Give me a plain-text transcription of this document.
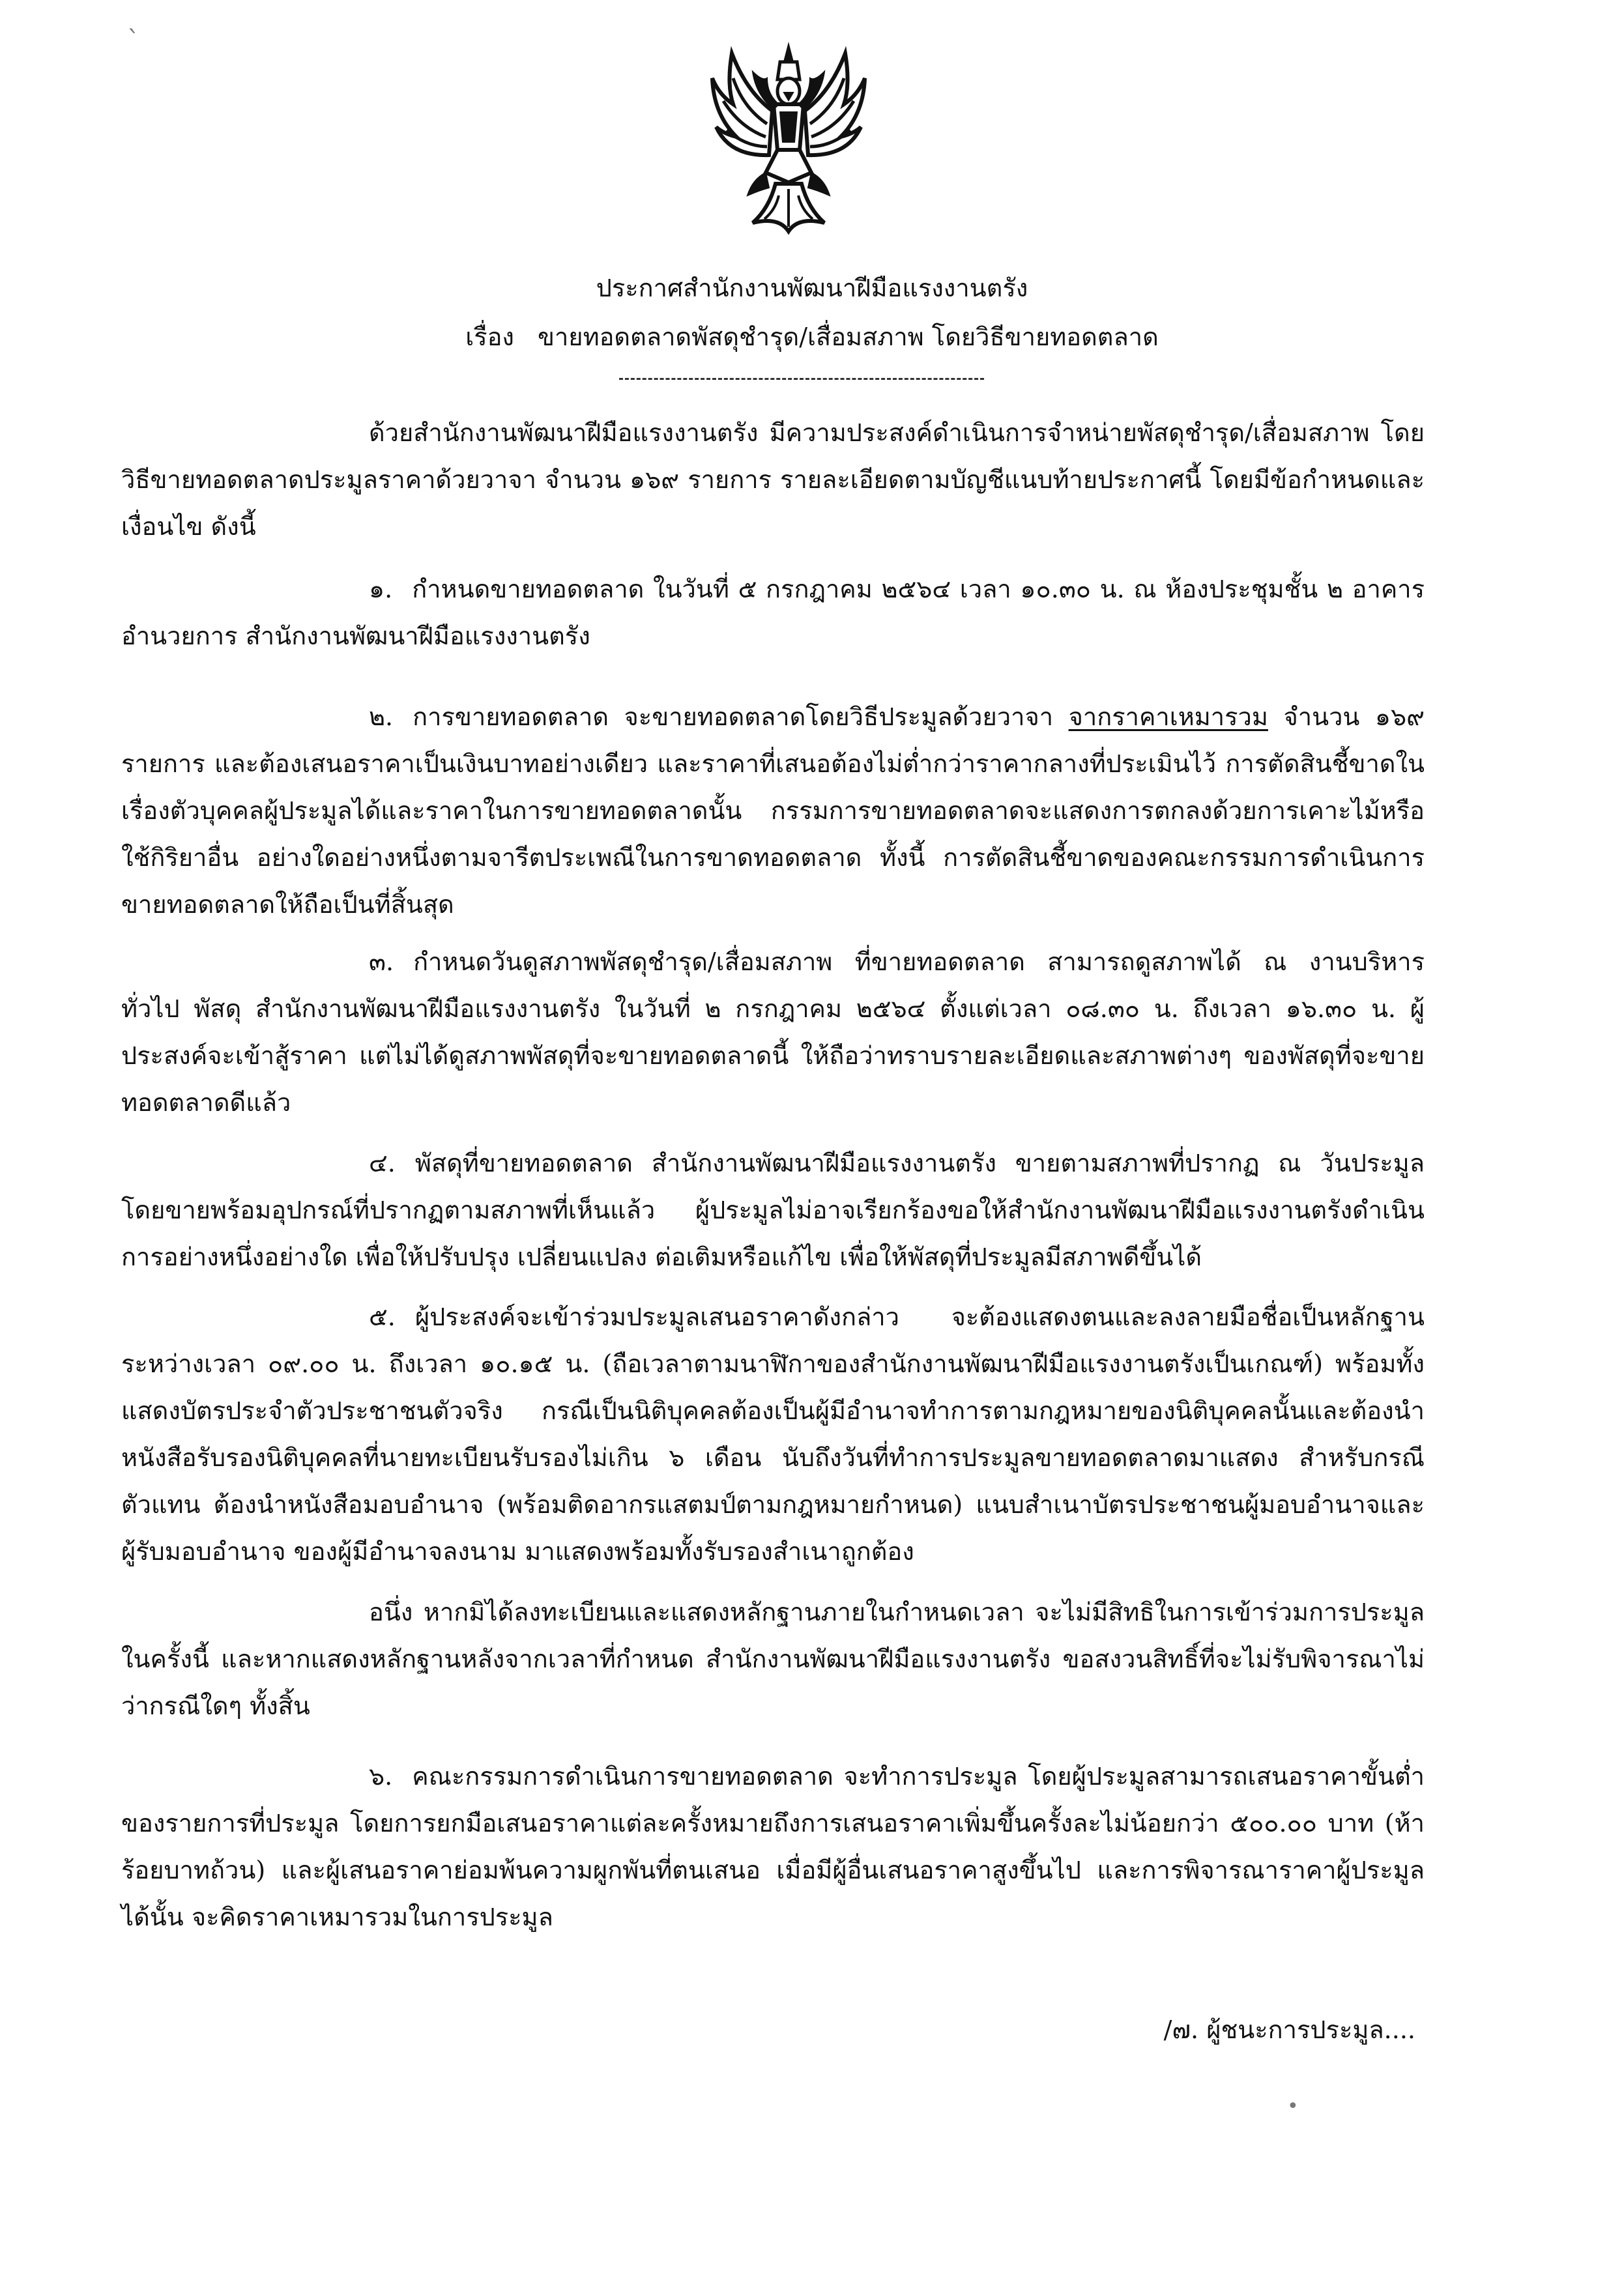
`
•
ประกาศสำนักงานพัฒนาฝีมือแรงงานตรัง
เรื่อง ขายทอดตลาดพัสดุชำรุด/เสื่อมสภาพ โดยวิธีขายทอดตลาด

ด้วยสำนักงานพัฒนาฝีมือแรงงานตรัง มีความประสงค์ดำเนินการจำหน่ายพัสดุชำรุด/เสื่อมสภาพ โดยวิธีขายทอดตลาดประมูลราคาด้วยวาจา จำนวน ๑๖๙ รายการ รายละเอียดตามบัญชีแนบท้ายประกาศนี้ โดยมีข้อกำหนดและเงื่อนไข ดังนี้

๑. กำหนดขายทอดตลาด ในวันที่ ๕ กรกฎาคม ๒๕๖๔ เวลา ๑๐.๓๐ น. ณ ห้องประชุมชั้น ๒ อาคารอำนวยการ สำนักงานพัฒนาฝีมือแรงงานตรัง

๒. การขายทอดตลาด จะขายทอดตลาดโดยวิธีประมูลด้วยวาจา จากราคาเหมารวม จำนวน ๑๖๙ รายการ และต้องเสนอราคาเป็นเงินบาทอย่างเดียว และราคาที่เสนอต้องไม่ต่ำกว่าราคากลางที่ประเมินไว้ การตัดสินชี้ขาดในเรื่องตัวบุคคลผู้ประมูลได้และราคาในการขายทอดตลาดนั้น กรรมการขายทอดตลาดจะแสดงการตกลงด้วยการเคาะไม้หรือใช้กิริยาอื่น อย่างใดอย่างหนึ่งตามจารีตประเพณีในการขาดทอดตลาด ทั้งนี้ การตัดสินชี้ขาดของคณะกรรมการดำเนินการขายทอดตลาดให้ถือเป็นที่สิ้นสุด

๓. กำหนดวันดูสภาพพัสดุชำรุด/เสื่อมสภาพ ที่ขายทอดตลาด สามารถดูสภาพได้ ณ งานบริหารทั่วไป พัสดุ สำนักงานพัฒนาฝีมือแรงงานตรัง ในวันที่ ๒ กรกฎาคม ๒๕๖๔ ตั้งแต่เวลา ๐๘.๓๐ น. ถึงเวลา ๑๖.๓๐ น. ผู้ประสงค์จะเข้าสู้ราคา แต่ไม่ได้ดูสภาพพัสดุที่จะขายทอดตลาดนี้ ให้ถือว่าทราบรายละเอียดและสภาพต่างๆ ของพัสดุที่จะขายทอดตลาดดีแล้ว

๔. พัสดุที่ขายทอดตลาด สำนักงานพัฒนาฝีมือแรงงานตรัง ขายตามสภาพที่ปรากฏ ณ วันประมูล โดยขายพร้อมอุปกรณ์ที่ปรากฏตามสภาพที่เห็นแล้ว ผู้ประมูลไม่อาจเรียกร้องขอให้สำนักงานพัฒนาฝีมือแรงงานตรังดำเนินการอย่างหนึ่งอย่างใด เพื่อให้ปรับปรุง เปลี่ยนแปลง ต่อเติมหรือแก้ไข เพื่อให้พัสดุที่ประมูลมีสภาพดีขึ้นได้

๕. ผู้ประสงค์จะเข้าร่วมประมูลเสนอราคาดังกล่าว จะต้องแสดงตนและลงลายมือชื่อเป็นหลักฐานระหว่างเวลา ๐๙.๐๐ น. ถึงเวลา ๑๐.๑๕ น. (ถือเวลาตามนาฬิกาของสำนักงานพัฒนาฝีมือแรงงานตรังเป็นเกณฑ์) พร้อมทั้งแสดงบัตรประจำตัวประชาชนตัวจริง กรณีเป็นนิติบุคคลต้องเป็นผู้มีอำนาจทำการตามกฎหมายของนิติบุคคลนั้นและต้องนำหนังสือรับรองนิติบุคคลที่นายทะเบียนรับรองไม่เกิน ๖ เดือน นับถึงวันที่ทำการประมูลขายทอดตลาดมาแสดง สำหรับกรณีตัวแทน ต้องนำหนังสือมอบอำนาจ (พร้อมติดอากรแสตมป์ตามกฎหมายกำหนด) แนบสำเนาบัตรประชาชนผู้มอบอำนาจและผู้รับมอบอำนาจ ของผู้มีอำนาจลงนาม มาแสดงพร้อมทั้งรับรองสำเนาถูกต้อง

อนึ่ง หากมิได้ลงทะเบียนและแสดงหลักฐานภายในกำหนดเวลา จะไม่มีสิทธิในการเข้าร่วมการประมูลในครั้งนี้ และหากแสดงหลักฐานหลังจากเวลาที่กำหนด สำนักงานพัฒนาฝีมือแรงงานตรัง ขอสงวนสิทธิ์ที่จะไม่รับพิจารณาไม่ว่ากรณีใดๆ ทั้งสิ้น

๖. คณะกรรมการดำเนินการขายทอดตลาด จะทำการประมูล โดยผู้ประมูลสามารถเสนอราคาขั้นต่ำของรายการที่ประมูล โดยการยกมือเสนอราคาแต่ละครั้งหมายถึงการเสนอราคาเพิ่มขึ้นครั้งละไม่น้อยกว่า ๕๐๐.๐๐ บาท (ห้าร้อยบาทถ้วน) และผู้เสนอราคาย่อมพ้นความผูกพันที่ตนเสนอ เมื่อมีผู้อื่นเสนอราคาสูงขึ้นไป และการพิจารณาราคาผู้ประมูลได้นั้น จะคิดราคาเหมารวมในการประมูล

/๗. ผู้ชนะการประมูล....
